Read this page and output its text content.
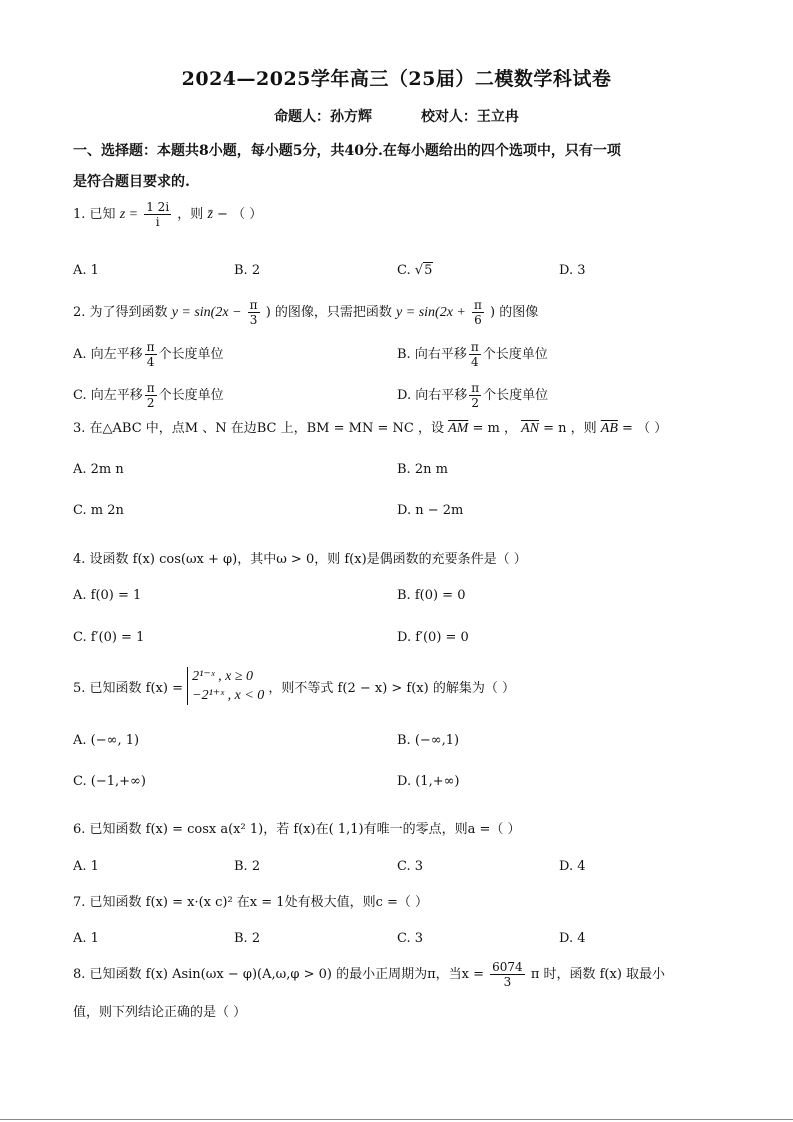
2024—2025学年高三（25届）二模数学科试卷
命题人：孙方辉	校对人：王立冉
一、选择题：本题共8小题，每小题5分，共40分.在每小题给出的四个选项中，只有一项
是符合题目要求的.
1. 已知 $z = \frac{1 2i}{i}$ ，则 z̄ − （ ）
A. 1	B. 2	C. √5	D. 3
2. 为了得到函数 $y = \sin(2x - \frac{\pi}{3}$ ) 的图像，只需把函数 $y = \sin(2x + \frac{\pi}{6}$ ) 的图像
A. 向左平移 $\frac{\pi}{4}$ 个长度单位	B. 向右平移 $\frac{\pi}{4}$ 个长度单位
C. 向左平移 $\frac{\pi}{2}$ 个长度单位	D. 向右平移 $\frac{\pi}{2}$ 个长度单位
3. 在△ABC 中，点M 、N 在边BC 上，BM = MN = NC ，设 $\overline{AM} = m$ ， $\overline{AN} = n$ ，则 $\overline{AB}$ = （ ）
A. 2m n	B. 2n m
C. m 2n	D. n − 2m
4. 设函数 f(x) cos(ωx + φ)，其中ω > 0，则 f(x)是偶函数的充要条件是（ ）
A. f(0) = 1	B. f(0) = 0
C. f′(0) = 1	D. f′(0) = 0
5. 已知函数 f(x) =
2¹⁻ˣ , x ≥ 0
−2¹⁺ˣ , x < 0 ，则不等式 f(2 − x) > f(x) 的解集为（ ）
A. (−∞, 1)	B. (−∞,1)
C. (−1,+∞)	D. (1,+∞)
6. 已知函数 f(x) = cosx a(x² 1)，若 f(x)在( 1,1)有唯一的零点，则a =（ ）
A. 1	B. 2	C. 3	D. 4
7. 已知函数 f(x) = x·(x c)² 在x = 1处有极大值，则c =（ ）
A. 1	B. 2	C. 3	D. 4
8. 已知函数 f(x) Asin(ωx − φ)(A,ω,φ > 0) 的最小正周期为π，当$x = \frac{6074}{3}$ π 时，函数 f(x) 取最小
值，则下列结论正确的是（ ）
